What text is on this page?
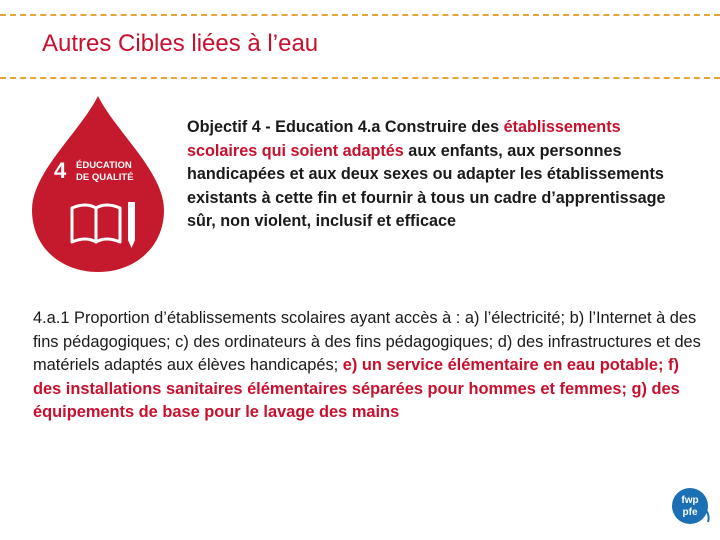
Autres Cibles liées à l’eau
4 ÉDUCATION
DE QUALITÉ
Objectif 4 - Education 4.a Construire des établissements scolaires qui soient adaptés aux enfants, aux personnes handicapées et aux deux sexes ou adapter les établissements existants à cette fin et fournir à tous un cadre d’apprentissage sûr, non violent, inclusif et efficace
4.a.1 Proportion d’établissements scolaires ayant accès à : a) l’électricité; b) l’Internet à des fins pédagogiques; c) des ordinateurs à des fins pédagogiques; d) des infrastructures et des matériels adaptés aux élèves handicapés; e) un service élémentaire en eau potable; f) des installations sanitaires élémentaires séparées pour hommes et femmes; g) des équipements de base pour le lavage des mains
fwp
pfe
